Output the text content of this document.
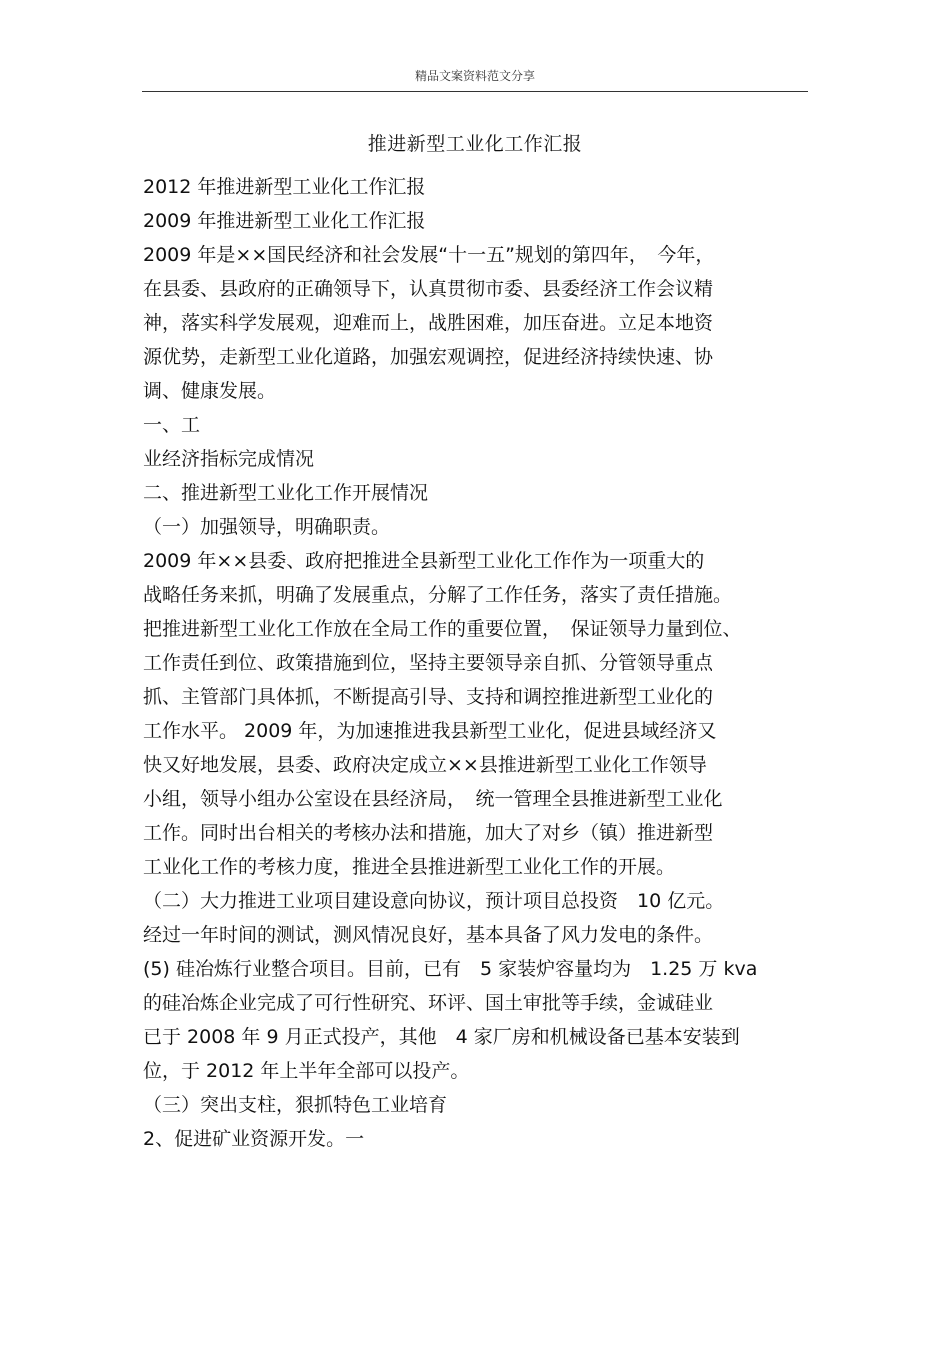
精品文案资料范文分享
推进新型工业化工作汇报
2012 年推进新型工业化工作汇报
2009 年推进新型工业化工作汇报
2009 年是××国民经济和社会发展“十一五”规划的第四年，　今年，
在县委、县政府的正确领导下，认真贯彻市委、县委经济工作会议精
神，落实科学发展观，迎难而上，战胜困难，加压奋进。立足本地资
源优势，走新型工业化道路，加强宏观调控，促进经济持续快速、协
调、健康发展。
一、工
业经济指标完成情况
二、推进新型工业化工作开展情况
（一）加强领导，明确职责。
2009 年××县委、政府把推进全县新型工业化工作作为一项重大的
战略任务来抓，明确了发展重点，分解了工作任务，落实了责任措施。
把推进新型工业化工作放在全局工作的重要位置，　保证领导力量到位、
工作责任到位、政策措施到位，坚持主要领导亲自抓、分管领导重点
抓、主管部门具体抓，不断提高引导、支持和调控推进新型工业化的
工作水平。 2009 年，为加速推进我县新型工业化，促进县域经济又
快又好地发展，县委、政府决定成立××县推进新型工业化工作领导
小组，领导小组办公室设在县经济局，　统一管理全县推进新型工业化
工作。同时出台相关的考核办法和措施，加大了对乡（镇）推进新型
工业化工作的考核力度，推进全县推进新型工业化工作的开展。
（二）大力推进工业项目建设意向协议，预计项目总投资　10 亿元。
经过一年时间的测试，测风情况良好，基本具备了风力发电的条件。
(5) 硅冶炼行业整合项目。目前，已有　5 家装炉容量均为　1.25 万 kva
的硅冶炼企业完成了可行性研究、环评、国土审批等手续，金诚硅业
已于 2008 年 9 月正式投产，其他　4 家厂房和机械设备已基本安装到
位，于 2012 年上半年全部可以投产。
（三）突出支柱，狠抓特色工业培育
2、促进矿业资源开发。一
